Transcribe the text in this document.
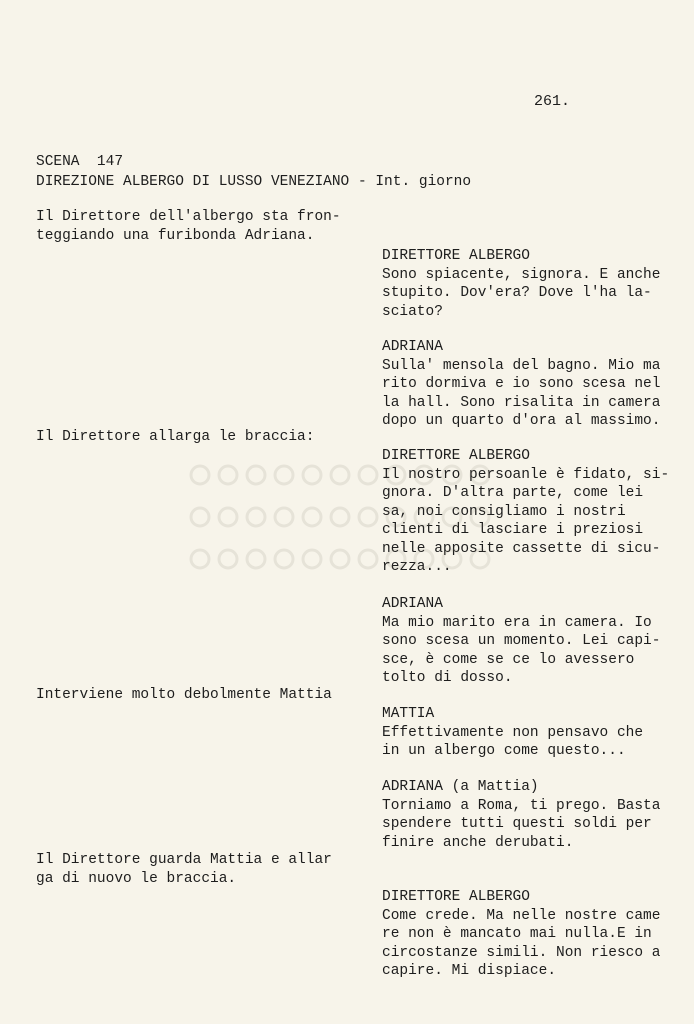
261.
SCENA  147
DIREZIONE ALBERGO DI LUSSO VENEZIANO - Int. giorno
Il Direttore dell'albergo sta fron-
teggiando una furibonda Adriana.
Il Direttore allarga le braccia:
Interviene molto debolmente Mattia
Il Direttore guarda Mattia e allar
ga di nuovo le braccia.
DIRETTORE ALBERGO
Sono spiacente, signora. E anche
stupito. Dov'era? Dove l'ha la-
sciato?
ADRIANA
Sulla' mensola del bagno. Mio ma
rito dormiva e io sono scesa nel
la hall. Sono risalita in camera
dopo un quarto d'ora al massimo.
DIRETTORE ALBERGO
Il nostro persoanle è fidato, si-
gnora. D'altra parte, come lei
sa, noi consigliamo i nostri
clienti di lasciare i preziosi
nelle apposite cassette di sicu-
rezza...
ADRIANA
Ma mio marito era in camera. Io
sono scesa un momento. Lei capi-
sce, è come se ce lo avessero
tolto di dosso.
MATTIA
Effettivamente non pensavo che
in un albergo come questo...
ADRIANA (a Mattia)
Torniamo a Roma, ti prego. Basta
spendere tutti questi soldi per
finire anche derubati.
DIRETTORE ALBERGO
Come crede. Ma nelle nostre came
re non è mancato mai nulla.E in
circostanze simili. Non riesco a
capire. Mi dispiace.
